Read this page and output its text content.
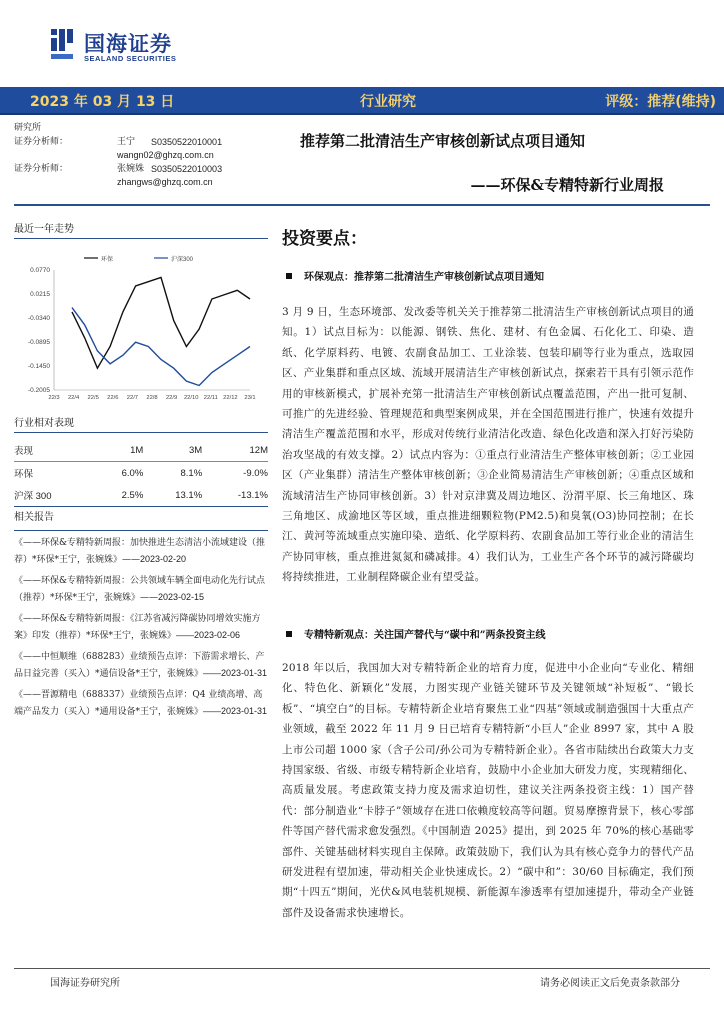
国海证券
SEALAND SECURITIES
2023 年 03 月 13 日	行业研究	评级：推荐(维持)
研究所
证券分析师：	王宁	S0350522010001
wangn02@ghzq.com.cn
证券分析师：	张婉姝 S0350522010003
zhangws@ghzq.com.cn
推荐第二批清洁生产审核创新试点项目通知
——环保&专精特新行业周报
最近一年走势
环保	沪深300
0.0770
0.0215
-0.0340
-0.0895
-0.1450
-0.2005
22/3 22/4 22/5 22/6 22/7 22/8 22/9 22/10 22/11 22/12 23/1
行业相对表现
表现	1M	3M	12M
环保	6.0%	8.1%	-9.0%
沪深 300	2.5%	13.1%	-13.1%
相关报告
《——环保&专精特新周报：加快推进生态清洁小流域建设（推荐）*环保*王宁，张婉姝》——2023-02-20
《——环保&专精特新周报：公共领域车辆全面电动化先行试点（推荐）*环保*王宁，张婉姝》——2023-02-15
《——环保&专精特新周报：《江苏省减污降碳协同增效实施方案》印发（推荐）*环保*王宁，张婉姝》——2023-02-06
《——中恒顺维（688283）业绩预告点评：下游需求增长、产品日益完善（买入）*通信设备*王宁，张婉姝》——2023-01-31
《——晋源精电（688337）业绩预告点评：Q4 业绩高增、高端产品发力（买入）*通用设备*王宁，张婉姝》——2023-01-31
投资要点：
环保观点：推荐第二批清洁生产审核创新试点项目通知
3 月 9 日，生态环境部、发改委等机关关于推荐第二批清洁生产审核创新试点项目的通知。1）试点目标为：以能源、钢铁、焦化、建材、有色金属、石化化工、印染、造纸、化学原料药、电镀、农副食品加工、工业涂装、包装印刷等行业为重点，选取园区、产业集群和重点区域、流域开展清洁生产审核创新试点，探索若干具有引领示范作用的审核新模式，扩展补充第一批清洁生产审核创新试点覆盖范围，产出一批可复制、可推广的先进经验、管理规范和典型案例成果，并在全国范围进行推广，快速有效提升清洁生产覆盖范围和水平，形成对传统行业清洁化改造、绿色化改造和深入打好污染防治攻坚战的有效支撑。2）试点内容为：①重点行业清洁生产整体审核创新；②工业园区（产业集群）清洁生产整体审核创新；③企业简易清洁生产审核创新；④重点区域和流域清洁生产协同审核创新。3）针对京津冀及周边地区、汾渭平原、长三角地区、珠三角地区、成渝地区等区域，重点推进细颗粒物(PM2.5)和臭氧(O3)协同控制；在长江、黄河等流域重点实施印染、造纸、化学原料药、农副食品加工等行业企业的清洁生产协同审核，重点推进氮氮和磷减排。4）我们认为，工业生产各个环节的减污降碳均将持续推进，工业制程降碳企业有望受益。
专精特新观点：关注国产替代与“碳中和”两条投资主线
2018 年以后，我国加大对专精特新企业的培育力度，促进中小企业向“专业化、精细化、特色化、新颖化”发展，力图实现产业链关键环节及关键领域“补短板”、“锻长板”、“填空白”的目标。专精特新企业培育聚焦工业“四基”领域或制造强国十大重点产业领域，截至 2022 年 11 月 9 日已培育专精特新“小巨人”企业 8997 家，其中 A 股上市公司超 1000 家（含子公司/孙公司为专精特新企业）。各省市陆续出台政策大力支持国家级、省级、市级专精特新企业培育，鼓励中小企业加大研发力度，实现精细化、高质量发展。考虑政策支持力度及需求迫切性，建议关注两条投资主线：1）国产替代：部分制造业“卡脖子”领域存在进口依赖度较高等问题。贸易摩擦背景下，核心零部件等国产替代需求愈发强烈。《中国制造 2025》提出，到 2025 年 70%的核心基础零部件、关键基础材料实现自主保障。政策鼓励下，我们认为具有核心竞争力的替代产品研发进程有望加速，带动相关企业快速成长。2）“碳中和”：30/60 目标确定，我们预期“十四五”期间，光伏&风电装机规模、新能源车渗透率有望加速提升，带动全产业链部件及设备需求快速增长。
国海证券研究所	请务必阅读正文后免责条款部分
